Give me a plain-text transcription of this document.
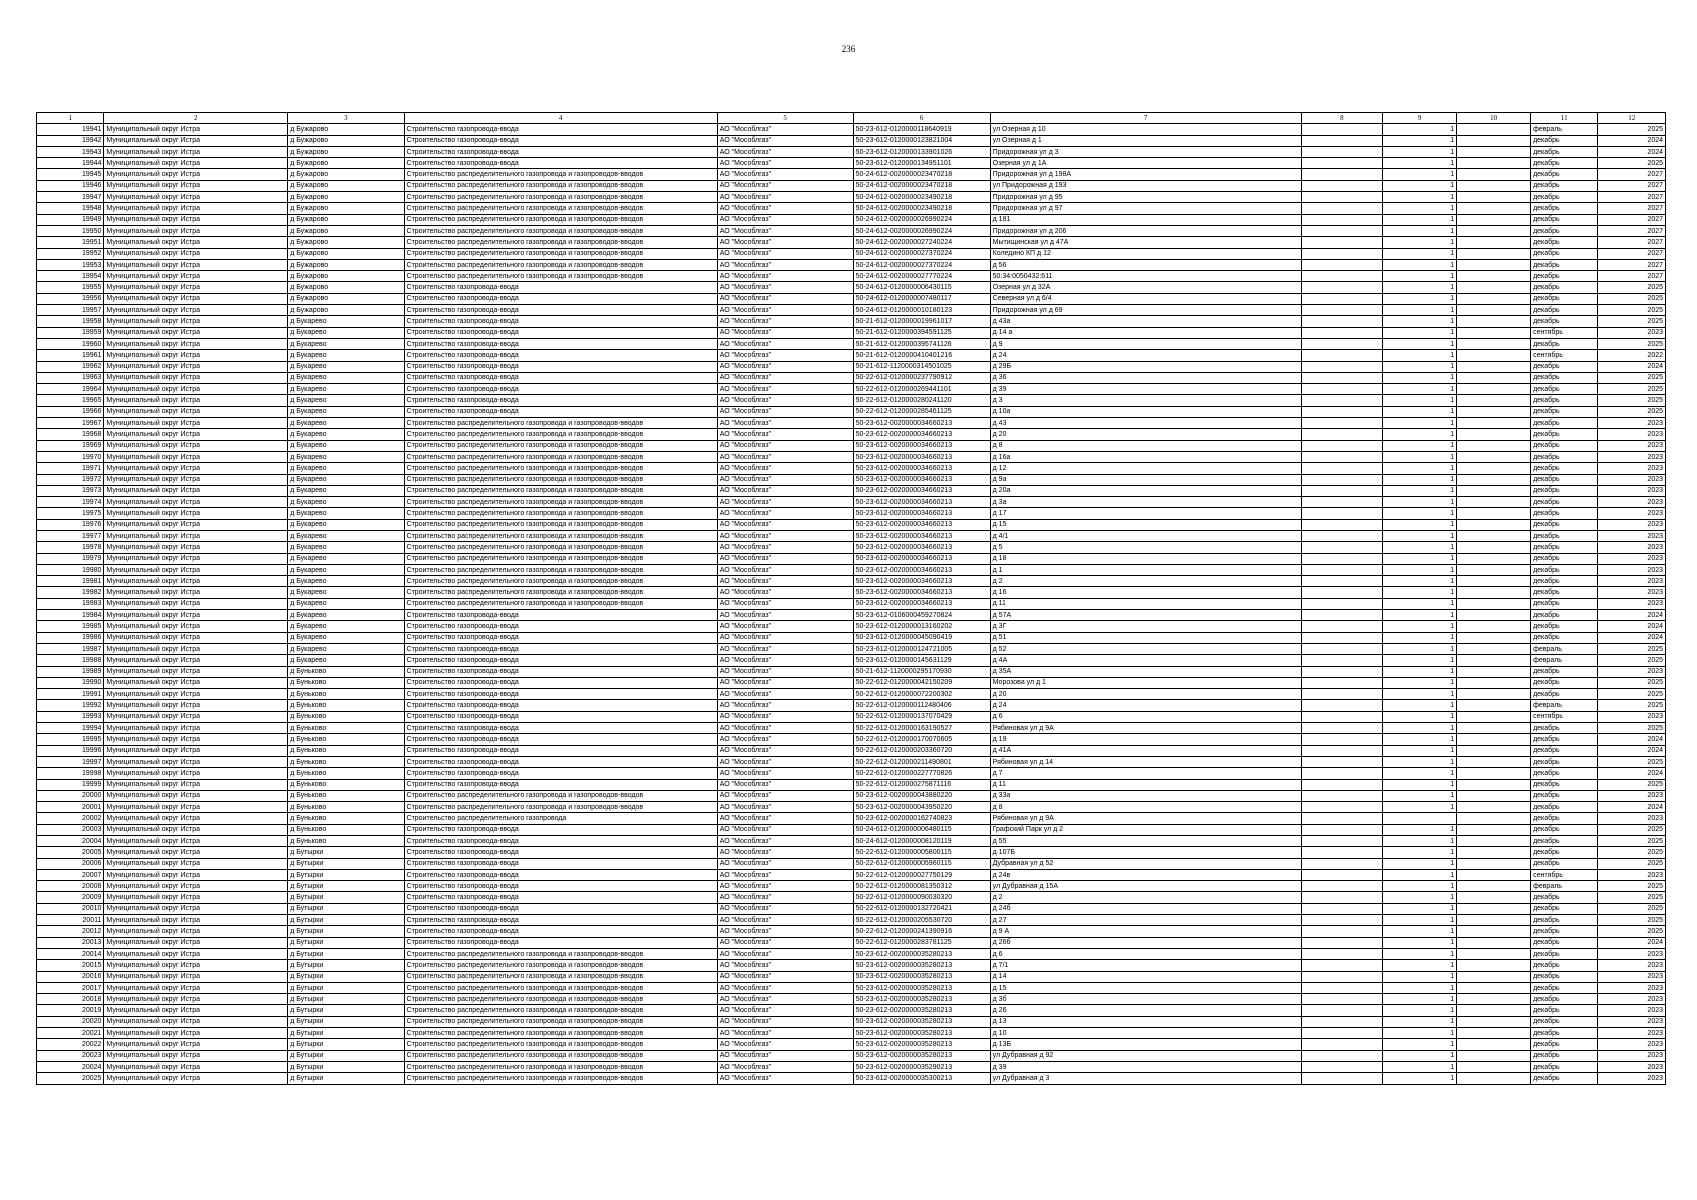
236
1	2	3	4	5	6	7	8	9	10	11	12
19941	Муниципальный округ Истра	д Бужарово	Строительство газопровода-ввода	АО "Мособлгаз"	50-23-612-0120000118640919	ул Озерная д 10		1		февраль	2025
19942	Муниципальный округ Истра	д Бужарово	Строительство газопровода-ввода	АО "Мособлгаз"	50-23-612-0120000123821004	ул Озерная д 1		1		декабрь	2024
19943	Муниципальный округ Истра	д Бужарово	Строительство газопровода-ввода	АО "Мособлгаз"	50-23-612-0120000133901026	Придорожная ул д 3		1		декабрь	2024
19944	Муниципальный округ Истра	д Бужарово	Строительство газопровода-ввода	АО "Мособлгаз"	50-23-612-0120000134951101	Озерная ул д 1А		1		декабрь	2025
19945	Муниципальный округ Истра	д Бужарово	Строительство распределительного газопровода и газопроводов-вводов	АО "Мособлгаз"	50-24-612-0020000023470218	Придорожная ул д 198А		1		декабрь	2027
19946	Муниципальный округ Истра	д Бужарово	Строительство распределительного газопровода и газопроводов-вводов	АО "Мособлгаз"	50-24-612-0020000023470218	ул Придорожная д 193		1		декабрь	2027
19947	Муниципальный округ Истра	д Бужарово	Строительство распределительного газопровода и газопроводов-вводов	АО "Мособлгаз"	50-24-612-0020000023490218	Придорожная ул д 95		1		декабрь	2027
19948	Муниципальный округ Истра	д Бужарово	Строительство распределительного газопровода и газопроводов-вводов	АО "Мособлгаз"	50-24-612-0020000023490218	Придорожная ул д 97		1		декабрь	2027
19949	Муниципальный округ Истра	д Бужарово	Строительство распределительного газопровода и газопроводов-вводов	АО "Мособлгаз"	50-24-612-0020000026990224	д 181		1		декабрь	2027
19950	Муниципальный округ Истра	д Бужарово	Строительство распределительного газопровода и газопроводов-вводов	АО "Мособлгаз"	50-24-612-0020000026990224	Придорожная ул д 206		1		декабрь	2027
19951	Муниципальный округ Истра	д Бужарово	Строительство распределительного газопровода и газопроводов-вводов	АО "Мособлгаз"	50-24-612-0020000027240224	Мытищинская ул д 47А		1		декабрь	2027
19952	Муниципальный округ Истра	д Бужарово	Строительство распределительного газопровода и газопроводов-вводов	АО "Мособлгаз"	50-24-612-0020000027370224	Коледино КП д 12		1		декабрь	2027
19953	Муниципальный округ Истра	д Бужарово	Строительство распределительного газопровода и газопроводов-вводов	АО "Мособлгаз"	50-24-612-0020000027370224	д 56		1		декабрь	2027
19954	Муниципальный округ Истра	д Бужарово	Строительство распределительного газопровода и газопроводов-вводов	АО "Мособлгаз"	50-24-612-0020000027770224	50:34:0050432:611		1		декабрь	2027
19955	Муниципальный округ Истра	д Бужарово	Строительство газопровода-ввода	АО "Мособлгаз"	50-24-612-0120000006430115	Озерная ул д 32А		1		декабрь	2025
19956	Муниципальный округ Истра	д Бужарово	Строительство газопровода-ввода	АО "Мособлгаз"	50-24-612-0120000007480117	Северная ул д 6/4		1		декабрь	2025
19957	Муниципальный округ Истра	д Бужарово	Строительство газопровода-ввода	АО "Мособлгаз"	50-24-612-0120000010180123	Придорожная ул д 69		1		декабрь	2025
19958	Муниципальный округ Истра	д Букарево	Строительство газопровода-ввода	АО "Мособлгаз"	50-21-612-0120000019961017	д 43а		1		декабрь	2025
19959	Муниципальный округ Истра	д Букарево	Строительство газопровода-ввода	АО "Мособлгаз"	50-21-612-0120000394591125	д 14 а		1		сентябрь	2023
19960	Муниципальный округ Истра	д Букарево	Строительство газопровода-ввода	АО "Мособлгаз"	50-21-612-0120000395741126	д 9		1		декабрь	2025
19961	Муниципальный округ Истра	д Букарево	Строительство газопровода-ввода	АО "Мособлгаз"	50-21-612-0120000410401216	д 24		1		сентябрь	2022
19962	Муниципальный округ Истра	д Букарево	Строительство газопровода-ввода	АО "Мособлгаз"	50-21-612-1120000314501025	д 29Б		1		декабрь	2024
19963	Муниципальный округ Истра	д Букарево	Строительство газопровода-ввода	АО "Мособлгаз"	50-22-612-0120000237790912	д 36		1		декабрь	2025
19964	Муниципальный округ Истра	д Букарево	Строительство газопровода-ввода	АО "Мособлгаз"	50-22-612-0120000269441101	д 39		1		декабрь	2025
19965	Муниципальный округ Истра	д Букарево	Строительство газопровода-ввода	АО "Мособлгаз"	50-22-612-0120000280241120	д 3		1		декабрь	2025
19966	Муниципальный округ Истра	д Букарево	Строительство газопровода-ввода	АО "Мособлгаз"	50-22-612-0120000285461125	д 10а		1		декабрь	2025
19967	Муниципальный округ Истра	д Букарево	Строительство распределительного газопровода и газопроводов-вводов	АО "Мособлгаз"	50-23-612-0020000034660213	д 43		1		декабрь	2023
19968	Муниципальный округ Истра	д Букарево	Строительство распределительного газопровода и газопроводов-вводов	АО "Мособлгаз"	50-23-612-0020000034660213	д 20		1		декабрь	2023
19969	Муниципальный округ Истра	д Букарево	Строительство распределительного газопровода и газопроводов-вводов	АО "Мособлгаз"	50-23-612-0020000034660213	д 8		1		декабрь	2023
19970	Муниципальный округ Истра	д Букарево	Строительство распределительного газопровода и газопроводов-вводов	АО "Мособлгаз"	50-23-612-0020000034660213	д 16а		1		декабрь	2023
19971	Муниципальный округ Истра	д Букарево	Строительство распределительного газопровода и газопроводов-вводов	АО "Мособлгаз"	50-23-612-0020000034660213	д 12		1		декабрь	2023
19972	Муниципальный округ Истра	д Букарево	Строительство распределительного газопровода и газопроводов-вводов	АО "Мособлгаз"	50-23-612-0020000034660213	д 9а		1		декабрь	2023
19973	Муниципальный округ Истра	д Букарево	Строительство распределительного газопровода и газопроводов-вводов	АО "Мособлгаз"	50-23-612-0020000034660213	д 20а		1		декабрь	2023
19974	Муниципальный округ Истра	д Букарево	Строительство распределительного газопровода и газопроводов-вводов	АО "Мособлгаз"	50-23-612-0020000034660213	д 3а		1		декабрь	2023
19975	Муниципальный округ Истра	д Букарево	Строительство распределительного газопровода и газопроводов-вводов	АО "Мособлгаз"	50-23-612-0020000034660213	д 17		1		декабрь	2023
19976	Муниципальный округ Истра	д Букарево	Строительство распределительного газопровода и газопроводов-вводов	АО "Мособлгаз"	50-23-612-0020000034660213	д 15		1		декабрь	2023
19977	Муниципальный округ Истра	д Букарево	Строительство распределительного газопровода и газопроводов-вводов	АО "Мособлгаз"	50-23-612-0020000034660213	д 4/1		1		декабрь	2023
19978	Муниципальный округ Истра	д Букарево	Строительство распределительного газопровода и газопроводов-вводов	АО "Мособлгаз"	50-23-612-0020000034660213	д 5		1		декабрь	2023
19979	Муниципальный округ Истра	д Букарево	Строительство распределительного газопровода и газопроводов-вводов	АО "Мособлгаз"	50-23-612-0020000034660213	д 18		1		декабрь	2023
19980	Муниципальный округ Истра	д Букарево	Строительство распределительного газопровода и газопроводов-вводов	АО "Мособлгаз"	50-23-612-0020000034660213	д 1		1		декабрь	2023
19981	Муниципальный округ Истра	д Букарево	Строительство распределительного газопровода и газопроводов-вводов	АО "Мособлгаз"	50-23-612-0020000034660213	д 2		1		декабрь	2023
19982	Муниципальный округ Истра	д Букарево	Строительство распределительного газопровода и газопроводов-вводов	АО "Мособлгаз"	50-23-612-0020000034660213	д 16		1		декабрь	2023
19983	Муниципальный округ Истра	д Букарево	Строительство распределительного газопровода и газопроводов-вводов	АО "Мособлгаз"	50-23-612-0020000034660213	д 11		1		декабрь	2023
19984	Муниципальный округ Истра	д Букарево	Строительство газопровода-ввода	АО "Мособлгаз"	50-23-612-0106000459270824	д 57А		1		декабрь	2024
19985	Муниципальный округ Истра	д Букарево	Строительство газопровода-ввода	АО "Мособлгаз"	50-23-612-0120000013160202	д 3Г		1		декабрь	2024
19986	Муниципальный округ Истра	д Букарево	Строительство газопровода-ввода	АО "Мособлгаз"	50-23-612-0120000045090419	д 51		1		декабрь	2024
19987	Муниципальный округ Истра	д Букарево	Строительство газопровода-ввода	АО "Мособлгаз"	50-23-612-0120000124721005	д 52		1		февраль	2025
19988	Муниципальный округ Истра	д Букарево	Строительство газопровода-ввода	АО "Мособлгаз"	50-23-612-0120000145631129	д 4А		1		февраль	2025
19989	Муниципальный округ Истра	д Буньково	Строительство газопровода-ввода	АО "Мособлгаз"	50-21-612-1120000295170930	д 35А		1		декабрь	2023
19990	Муниципальный округ Истра	д Буньково	Строительство газопровода-ввода	АО "Мособлгаз"	50-22-612-0120000042150209	Морозова ул д 1		1		декабрь	2025
19991	Муниципальный округ Истра	д Буньково	Строительство газопровода-ввода	АО "Мособлгаз"	50-22-612-0120000072200302	д 20		1		декабрь	2025
19992	Муниципальный округ Истра	д Буньково	Строительство газопровода-ввода	АО "Мособлгаз"	50-22-612-0120000112480406	д 24		1		февраль	2025
19993	Муниципальный округ Истра	д Буньково	Строительство газопровода-ввода	АО "Мособлгаз"	50-22-612-0120000137070429	д 6		1		сентябрь	2023
19994	Муниципальный округ Истра	д Буньково	Строительство газопровода-ввода	АО "Мособлгаз"	50-22-612-0120000163190527	Рябиновая ул д 9А		1		декабрь	2025
19995	Муниципальный округ Истра	д Буньково	Строительство газопровода-ввода	АО "Мособлгаз"	50-22-612-0120000170070605	д 19		1		декабрь	2024
19996	Муниципальный округ Истра	д Буньково	Строительство газопровода-ввода	АО "Мособлгаз"	50-22-612-0120000203360720	д 41А		1		декабрь	2024
19997	Муниципальный округ Истра	д Буньково	Строительство газопровода-ввода	АО "Мособлгаз"	50-22-612-0120000211490801	Рябиновая ул д 14		1		декабрь	2025
19998	Муниципальный округ Истра	д Буньково	Строительство газопровода-ввода	АО "Мособлгаз"	50-22-612-0120000227770826	д 7		1		декабрь	2024
19999	Муниципальный округ Истра	д Буньково	Строительство газопровода-ввода	АО "Мособлгаз"	50-22-612-0120000275871116	д 11		1		декабрь	2025
20000	Муниципальный округ Истра	д Буньково	Строительство распределительного газопровода и газопроводов-вводов	АО "Мособлгаз"	50-23-612-0020000043880220	д 33а		1		декабрь	2023
20001	Муниципальный округ Истра	д Буньково	Строительство распределительного газопровода и газопроводов-вводов	АО "Мособлгаз"	50-23-612-0020000043950220	д 8		1		декабрь	2024
20002	Муниципальный округ Истра	д Буньково	Строительство распределительного газопровода	АО "Мособлгаз"	50-23-612-0020000162740823	Рябиновая ул д 9А				декабрь	2023
20003	Муниципальный округ Истра	д Буньково	Строительство газопровода-ввода	АО "Мособлгаз"	50-24-612-0120000006480115	Графский Парк ул д 2		1		декабрь	2025
20004	Муниципальный округ Истра	д Буньково	Строительство газопровода-ввода	АО "Мособлгаз"	50-24-612-0120000008120119	д 55		1		декабрь	2025
20005	Муниципальный округ Истра	д Бутырки	Строительство газопровода-ввода	АО "Мособлгаз"	50-22-612-0120000005800115	д 107Б		1		декабрь	2025
20006	Муниципальный округ Истра	д Бутырки	Строительство газопровода-ввода	АО "Мособлгаз"	50-22-612-0120000005960115	Дубравная ул д 52		1		декабрь	2025
20007	Муниципальный округ Истра	д Бутырки	Строительство газопровода-ввода	АО "Мособлгаз"	50-22-612-0120000027750129	д 24в		1		сентябрь	2023
20008	Муниципальный округ Истра	д Бутырки	Строительство газопровода-ввода	АО "Мособлгаз"	50-22-612-0120000081350312	ул Дубравная д 15А		1		февраль	2025
20009	Муниципальный округ Истра	д Бутырки	Строительство газопровода-ввода	АО "Мособлгаз"	50-22-612-0120000090030320	д 2		1		декабрь	2025
20010	Муниципальный округ Истра	д Бутырки	Строительство газопровода-ввода	АО "Мособлгаз"	50-22-612-0120000132720421	д 24б		1		декабрь	2025
20011	Муниципальный округ Истра	д Бутырки	Строительство газопровода-ввода	АО "Мособлгаз"	50-22-612-0120000205530720	д 27		1		декабрь	2025
20012	Муниципальный округ Истра	д Бутырки	Строительство газопровода-ввода	АО "Мособлгаз"	50-22-612-0120000241390916	д 9 А		1		декабрь	2025
20013	Муниципальный округ Истра	д Бутырки	Строительство газопровода-ввода	АО "Мособлгаз"	50-22-612-0120000283781125	д 26б		1		декабрь	2024
20014	Муниципальный округ Истра	д Бутырки	Строительство распределительного газопровода и газопроводов-вводов	АО "Мособлгаз"	50-23-612-0020000035280213	д 6		1		декабрь	2023
20015	Муниципальный округ Истра	д Бутырки	Строительство распределительного газопровода и газопроводов-вводов	АО "Мособлгаз"	50-23-612-0020000035280213	д 7/1		1		декабрь	2023
20016	Муниципальный округ Истра	д Бутырки	Строительство распределительного газопровода и газопроводов-вводов	АО "Мособлгаз"	50-23-612-0020000035280213	д 14		1		декабрь	2023
20017	Муниципальный округ Истра	д Бутырки	Строительство распределительного газопровода и газопроводов-вводов	АО "Мособлгаз"	50-23-612-0020000035280213	д 15		1		декабрь	2023
20018	Муниципальный округ Истра	д Бутырки	Строительство распределительного газопровода и газопроводов-вводов	АО "Мособлгаз"	50-23-612-0020000035280213	д 3б		1		декабрь	2023
20019	Муниципальный округ Истра	д Бутырки	Строительство распределительного газопровода и газопроводов-вводов	АО "Мособлгаз"	50-23-612-0020000035280213	д 26		1		декабрь	2023
20020	Муниципальный округ Истра	д Бутырки	Строительство распределительного газопровода и газопроводов-вводов	АО "Мособлгаз"	50-23-612-0020000035280213	д 13		1		декабрь	2023
20021	Муниципальный округ Истра	д Бутырки	Строительство распределительного газопровода и газопроводов-вводов	АО "Мособлгаз"	50-23-612-0020000035280213	д 10		1		декабрь	2023
20022	Муниципальный округ Истра	д Бутырки	Строительство распределительного газопровода и газопроводов-вводов	АО "Мособлгаз"	50-23-612-0020000035280213	д 13Б		1		декабрь	2023
20023	Муниципальный округ Истра	д Бутырки	Строительство распределительного газопровода и газопроводов-вводов	АО "Мособлгаз"	50-23-612-0020000035280213	ул Дубравная д 92		1		декабрь	2023
20024	Муниципальный округ Истра	д Бутырки	Строительство распределительного газопровода и газопроводов-вводов	АО "Мособлгаз"	50-23-612-0020000035290213	д 39		1		декабрь	2023
20025	Муниципальный округ Истра	д Бутырки	Строительство распределительного газопровода и газопроводов-вводов	АО "Мособлгаз"	50-23-612-0020000035300213	ул Дубравная д 3		1		декабрь	2023
